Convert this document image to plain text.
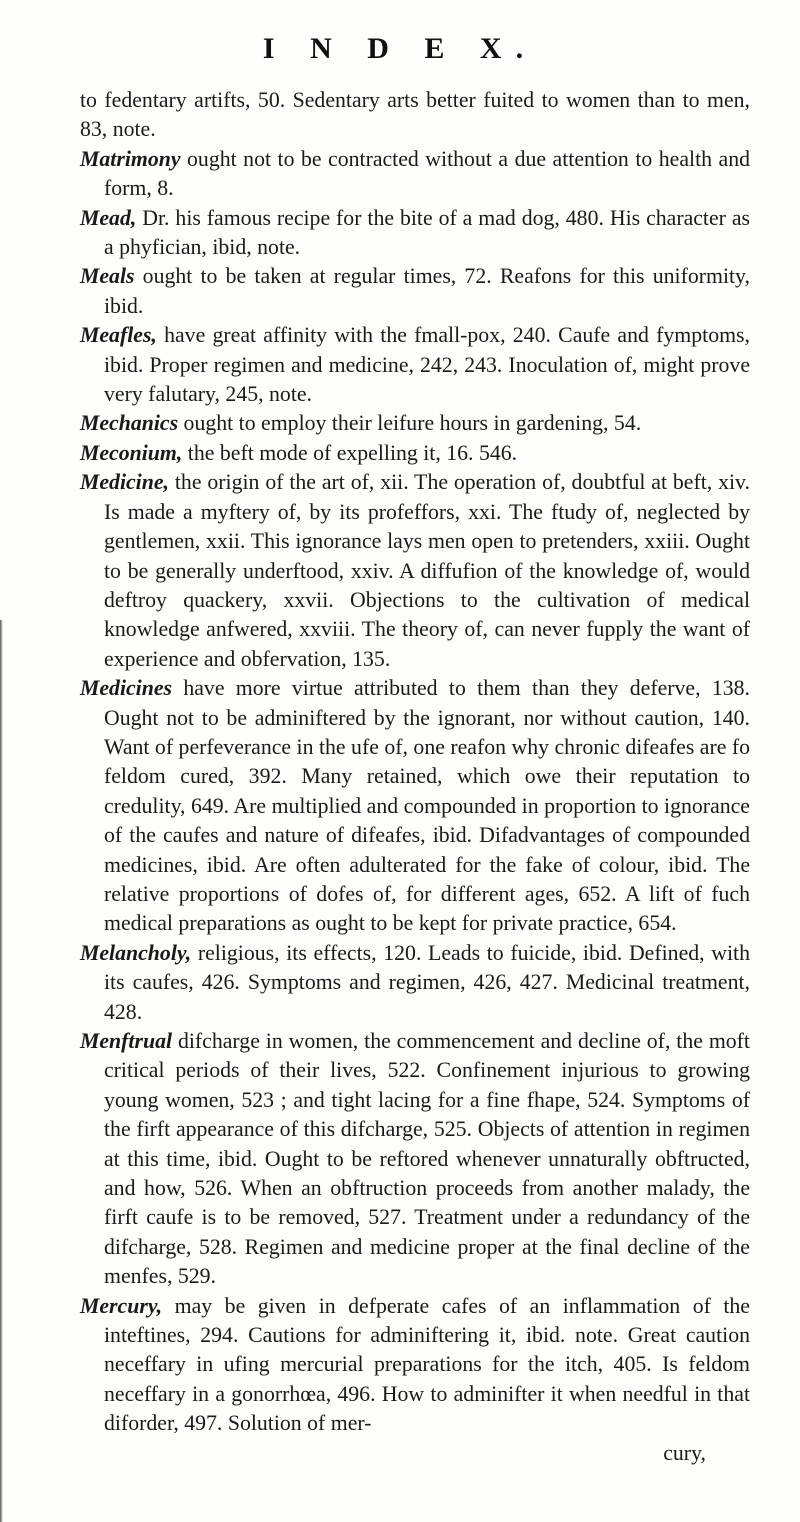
I N D E X.

to fedentary artifts, 50. Sedentary arts better fuited to women than to men, 83, note.

Matrimony ought not to be contracted without a due attention to health and form, 8.

Mead, Dr. his famous recipe for the bite of a mad dog, 480. His character as a phyfician, ibid, note.

Meals ought to be taken at regular times, 72. Reafons for this uniformity, ibid.

Meafles, have great affinity with the fmall-pox, 240. Caufe and fymptoms, ibid. Proper regimen and medicine, 242, 243. Inoculation of, might prove very falutary, 245, note.

Mechanics ought to employ their leifure hours in gardening, 54.

Meconium, the beft mode of expelling it, 16. 546.

Medicine, the origin of the art of, xii. The operation of, doubtful at beft, xiv. Is made a myftery of, by its profeffors, xxi. The ftudy of, neglected by gentlemen, xxii. This ignorance lays men open to pretenders, xxiii. Ought to be generally underftood, xxiv. A diffufion of the knowledge of, would deftroy quackery, xxvii. Objections to the cultivation of medical knowledge anfwered, xxviii. The theory of, can never fupply the want of experience and obfervation, 135.

Medicines have more virtue attributed to them than they deferve, 138. Ought not to be adminiftered by the ignorant, nor without caution, 140. Want of perfeverance in the ufe of, one reafon why chronic difeafes are fo feldom cured, 392. Many retained, which owe their reputation to credulity, 649. Are multiplied and compounded in proportion to ignorance of the caufes and nature of difeafes, ibid. Difadvantages of compounded medicines, ibid. Are often adulterated for the fake of colour, ibid. The relative proportions of dofes of, for different ages, 652. A lift of fuch medical preparations as ought to be kept for private practice, 654.

Melancholy, religious, its effects, 120. Leads to fuicide, ibid. Defined, with its caufes, 426. Symptoms and regimen, 426, 427. Medicinal treatment, 428.

Menftrual difcharge in women, the commencement and decline of, the moft critical periods of their lives, 522. Confinement injurious to growing young women, 523 ; and tight lacing for a fine fhape, 524. Symptoms of the firft appearance of this difcharge, 525. Objects of attention in regimen at this time, ibid. Ought to be reftored whenever unnaturally obftructed, and how, 526. When an obftruction proceeds from another malady, the firft caufe is to be removed, 527. Treatment under a redundancy of the difcharge, 528. Regimen and medicine proper at the final decline of the menfes, 529.

Mercury, may be given in defperate cafes of an inflammation of the inteftines, 294. Cautions for adminiftering it, ibid. note. Great caution neceffary in ufing mercurial preparations for the itch, 405. Is feldom neceffary in a gonorrhœa, 496. How to adminifter it when needful in that diforder, 497. Solution of mer-

cury,
